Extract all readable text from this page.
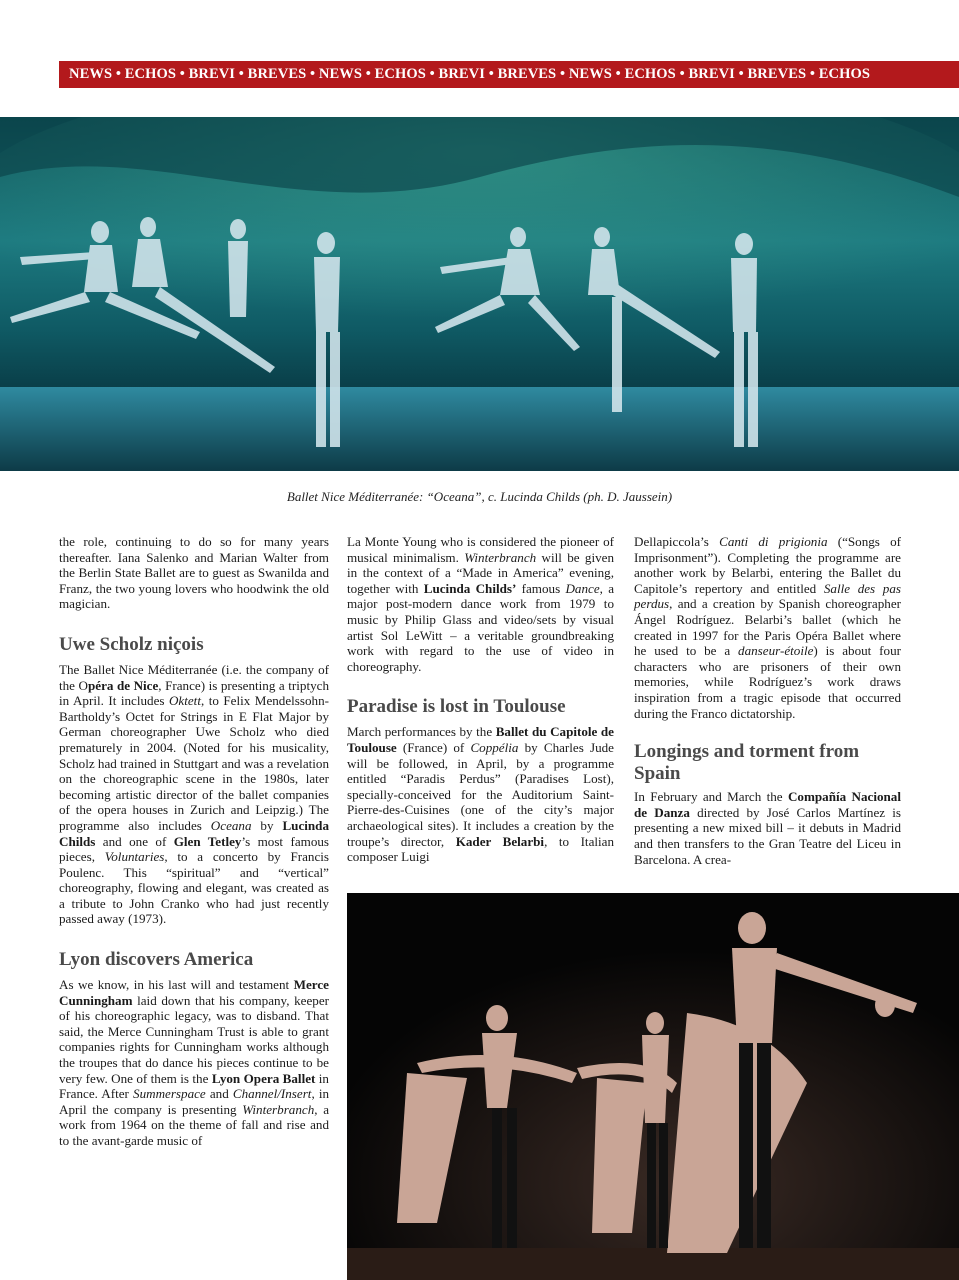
NEWS • ECHOS • BREVI • BREVES • NEWS • ECHOS • BREVI • BREVES • NEWS • ECHOS • BREVI • BREVES • ECHOS
Ballet Nice Méditerranée: “Oceana”, c. Lucinda Childs (ph. D. Jaussein)

the role, continuing to do so for many years thereafter. Iana Salenko and Marian Walter from the Berlin State Ballet are to guest as Swanilda and Franz, the two young lovers who hoodwink the old magician.

Uwe Scholz niçois

The Ballet Nice Méditerranée (i.e. the company of the Opéra de Nice, France) is presenting a triptych in April. It includes Oktett, to Felix Mendelssohn-Bartholdy’s Octet for Strings in E Flat Major by German choreographer Uwe Scholz who died prematurely in 2004. (Noted for his musicality, Scholz had trained in Stuttgart and was a revelation on the choreographic scene in the 1980s, later becoming artistic director of the ballet companies of the opera houses in Zurich and Leipzig.) The programme also includes Oceana by Lucinda Childs and one of Glen Tetley’s most famous pieces, Voluntaries, to a concerto by Francis Poulenc. This “spiritual” and “vertical” choreography, flowing and elegant, was created as a tribute to John Cranko who had just recently passed away (1973).

Lyon discovers America

As we know, in his last will and testament Merce Cunningham laid down that his company, keeper of his choreographic legacy, was to disband. That said, the Merce Cunningham Trust is able to grant companies rights for Cunningham works although the troupes that do dance his pieces continue to be very few. One of them is the Lyon Opera Ballet in France. After Summerspace and Channel/Insert, in April the company is presenting Winterbranch, a work from 1964 on the theme of fall and rise and to the avant-garde music of

La Monte Young who is considered the pioneer of musical minimalism. Winterbranch will be given in the context of a “Made in America” evening, together with Lucinda Childs’ famous Dance, a major post-modern dance work from 1979 to music by Philip Glass and video/sets by visual artist Sol LeWitt – a veritable groundbreaking work with regard to the use of video in choreography.

Paradise is lost in Toulouse

March performances by the Ballet du Capitole de Toulouse (France) of Coppélia by Charles Jude will be followed, in April, by a programme entitled “Paradis Perdus” (Paradises Lost), specially-conceived for the Auditorium Saint-Pierre-des-Cuisines (one of the city’s major archaeological sites). It includes a creation by the troupe’s director, Kader Belarbi, to Italian composer Luigi

Dellapiccola’s Canti di prigionia (“Songs of Imprisonment”). Completing the programme are another work by Belarbi, entering the Ballet du Capitole’s repertory and entitled Salle des pas perdus, and a creation by Spanish choreographer Ángel Rodríguez. Belarbi’s ballet (which he created in 1997 for the Paris Opéra Ballet where he used to be a danseur-étoile) is about four characters who are prisoners of their own memories, while Rodríguez’s work draws inspiration from a tragic episode that occurred during the Franco dictatorship.

Longings and torment from Spain

In February and March the Compañía Nacional de Danza directed by José Carlos Martínez is presenting a new mixed bill – it debuts in Madrid and then transfers to the Gran Teatre del Liceu in Barcelona. A crea-
